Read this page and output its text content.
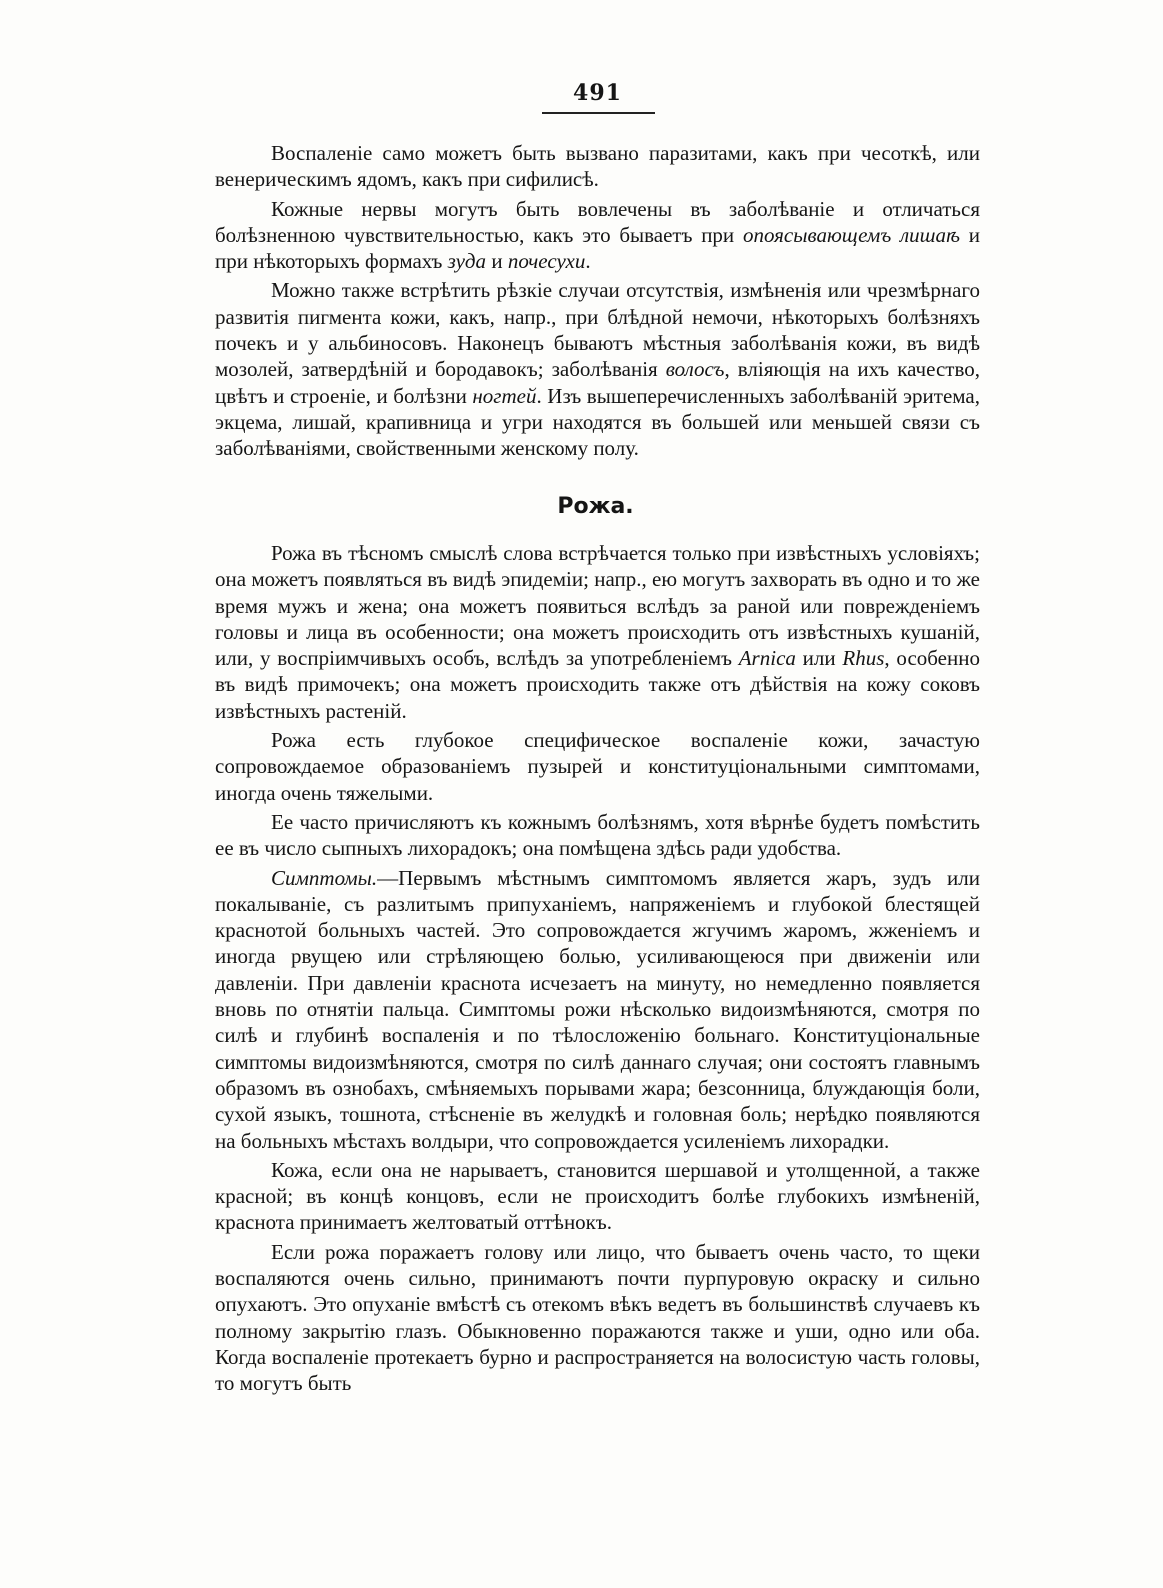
491

Воспаленіе само можетъ быть вызвано паразитами, какъ при чесоткѣ, или венерическимъ ядомъ, какъ при сифилисѣ.

Кожные нервы могутъ быть вовлечены въ заболѣваніе и отличаться болѣзненною чувствительностью, какъ это бываетъ при опоясывающемъ лишаѣ и при нѣкоторыхъ формахъ зуда и почесухи.

Можно также встрѣтить рѣзкіе случаи отсутствія, измѣненія или чрезмѣрнаго развитія пигмента кожи, какъ, напр., при блѣдной немочи, нѣкоторыхъ болѣзняхъ почекъ и у альбиносовъ. Наконецъ бываютъ мѣстныя заболѣванія кожи, въ видѣ мозолей, затвердѣній и бородавокъ; заболѣванія волосъ, вліяющія на ихъ качество, цвѣтъ и строеніе, и болѣзни ногтей. Изъ вышеперечисленныхъ заболѣваній эритема, экцема, лишай, крапивница и угри находятся въ большей или меньшей связи съ заболѣваніями, свойственными женскому полу.

Рожа.

Рожа въ тѣсномъ смыслѣ слова встрѣчается только при извѣстныхъ условіяхъ; она можетъ появляться въ видѣ эпидеміи; напр., ею могутъ захворать въ одно и то же время мужъ и жена; она можетъ появиться вслѣдъ за раной или поврежденіемъ головы и лица въ особенности; она можетъ происходить отъ извѣстныхъ кушаній, или, у воспріимчивыхъ особъ, вслѣдъ за употребленіемъ Arnica или Rhus, особенно въ видѣ примочекъ; она можетъ происходить также отъ дѣйствія на кожу соковъ извѣстныхъ растеній.

Рожа есть глубокое специфическое воспаленіе кожи, зачастую сопровождаемое образованіемъ пузырей и конституціональными симптомами, иногда очень тяжелыми.

Ее часто причисляютъ къ кожнымъ болѣзнямъ, хотя вѣрнѣе будетъ помѣстить ее въ число сыпныхъ лихорадокъ; она помѣщена здѣсь ради удобства.

Симптомы.—Первымъ мѣстнымъ симптомомъ является жаръ, зудъ или покалываніе, съ разлитымъ припуханіемъ, напряженіемъ и глубокой блестящей краснотой больныхъ частей. Это сопровождается жгучимъ жаромъ, жженіемъ и иногда рвущею или стрѣляющею болью, усиливающеюся при движеніи или давленіи. При давленіи краснота исчезаетъ на минуту, но немедленно появляется вновь по отнятіи пальца. Симптомы рожи нѣсколько видоизмѣняются, смотря по силѣ и глубинѣ воспаленія и по тѣлосложенію больнаго. Конституціональные симптомы видоизмѣняются, смотря по силѣ даннаго случая; они состоятъ главнымъ образомъ въ ознобахъ, смѣняемыхъ порывами жара; безсонница, блуждающія боли, сухой языкъ, тошнота, стѣсненіе въ желудкѣ и головная боль; нерѣдко появляются на больныхъ мѣстахъ волдыри, что сопровождается усиленіемъ лихорадки.

Кожа, если она не нарываетъ, становится шершавой и утолщенной, а также красной; въ концѣ концовъ, если не происходитъ болѣе глубокихъ измѣненій, краснота принимаетъ желтоватый оттѣнокъ.

Если рожа поражаетъ голову или лицо, что бываетъ очень часто, то щеки воспаляются очень сильно, принимаютъ почти пурпуровую окраску и сильно опухаютъ. Это опуханіе вмѣстѣ съ отекомъ вѣкъ ведетъ въ большинствѣ случаевъ къ полному закрытію глазъ. Обыкновенно поражаются также и уши, одно или оба. Когда воспаленіе протекаетъ бурно и распространяется на волосистую часть головы, то могутъ быть
